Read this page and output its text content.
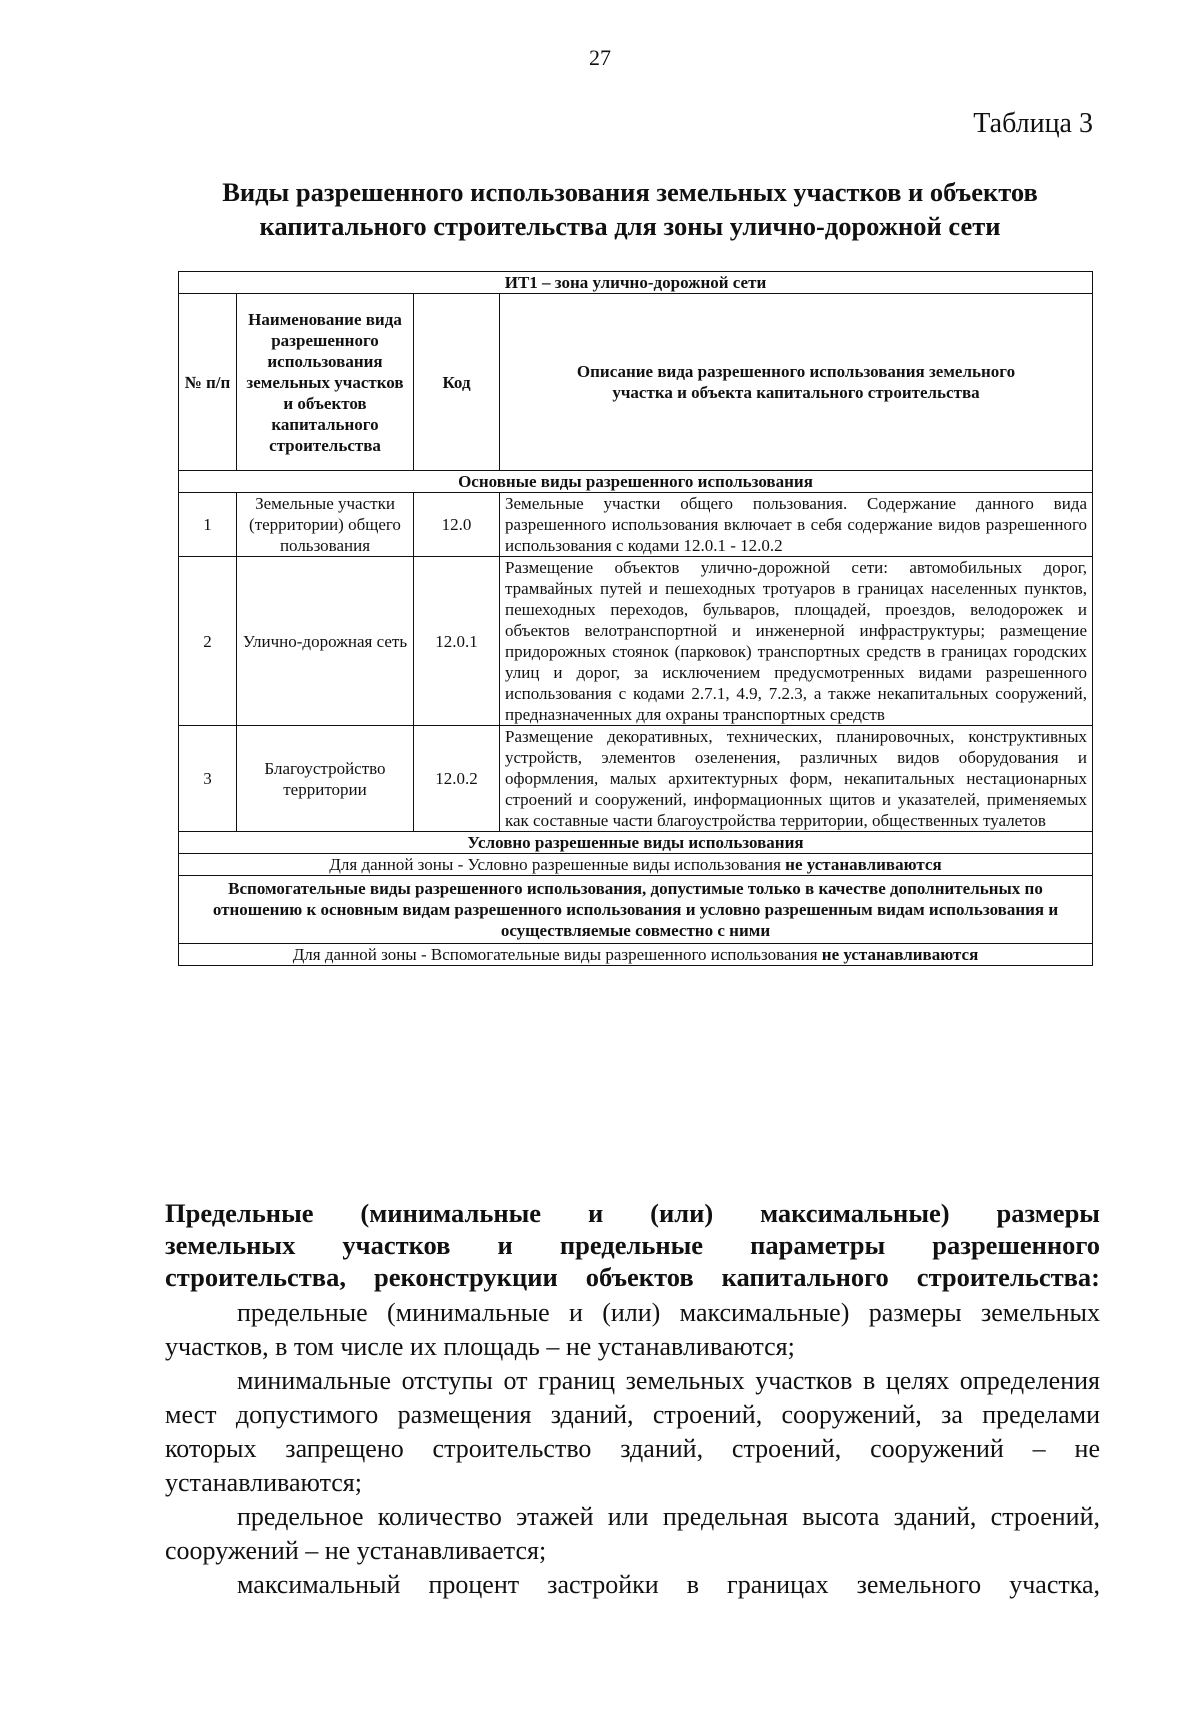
27
Таблица 3
Виды разрешенного использования земельных участков и объектов
капитального строительства для зоны улично-дорожной сети
ИТ1 – зона улично-дорожной сети			
№ п/п	Наименование вида разрешенного использования земельных участков и объектов капитального строительства	Код	Описание вида разрешенного использования земельного участка и объекта капитального строительства
Основные виды разрешенного использования			
1	Земельные участки (территории) общего пользования	12.0	Земельные участки общего пользования. Содержание данного вида разрешенного использования включает в себя содержание видов разрешенного использования с кодами 12.0.1 - 12.0.2
2	Улично-дорожная сеть	12.0.1	Размещение объектов улично-дорожной сети: автомобильных дорог, трамвайных путей и пешеходных тротуаров в границах населенных пунктов, пешеходных переходов, бульваров, площадей, проездов, велодорожек и объектов велотранспортной и инженерной инфраструктуры; размещение придорожных стоянок (парковок) транспортных средств в границах городских улиц и дорог, за исключением предусмотренных видами разрешенного использования с кодами 2.7.1, 4.9, 7.2.3, а также некапитальных сооружений, предназначенных для охраны транспортных средств
3	Благоустройство территории	12.0.2	Размещение декоративных, технических, планировочных, конструктивных устройств, элементов озеленения, различных видов оборудования и оформления, малых архитектурных форм, некапитальных нестационарных строений и сооружений, информационных щитов и указателей, применяемых как составные части благоустройства территории, общественных туалетов
Условно разрешенные виды использования			
Для данной зоны - Условно разрешенные виды использования не устанавливаются			
Вспомогательные виды разрешенного использования, допустимые только в качестве дополнительных по отношению к основным видам разрешенного использования и условно разрешенным видам использования и осуществляемые совместно с ними			
Для данной зоны - Вспомогательные виды разрешенного использования не устанавливаются			
Предельные (минимальные и (или) максимальные) размеры
земельных участков и предельные параметры разрешенного
строительства, реконструкции объектов капитального строительства:

предельные (минимальные и (или) максимальные) размеры земельных участков, в том числе их площадь – не устанавливаются;

минимальные отступы от границ земельных участков в целях определения мест допустимого размещения зданий, строений, сооружений, за пределами которых запрещено строительство зданий, строений, сооружений – не устанавливаются;

предельное количество этажей или предельная высота зданий, строений, сооружений – не устанавливается;

максимальный процент застройки в границах земельного участка,
